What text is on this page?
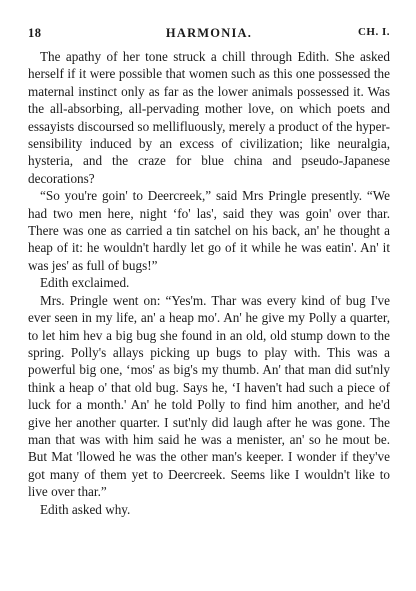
18	HARMONIA.	CH. I.

The apathy of her tone struck a chill through Edith. She asked herself if it were possible that women such as this one possessed the maternal instinct only as far as the lower animals possessed it. Was the all-absorbing, all-pervading mother love, on which poets and essayists discoursed so mellifluously, merely a product of the hyper-sensibility induced by an excess of civilization; like neuralgia, hysteria, and the craze for blue china and pseudo-Japanese decorations?

“So you're goin' to Deercreek,” said Mrs Pringle presently. “We had two men here, night ‘fo' las', said they was goin' over thar. There was one as carried a tin satchel on his back, an' he thought a heap of it: he wouldn't hardly let go of it while he was eatin'. An' it was jes' as full of bugs!”

Edith exclaimed.

Mrs. Pringle went on: “Yes'm. Thar was every kind of bug I've ever seen in my life, an' a heap mo'. An' he give my Polly a quarter, to let him hev a big bug she found in an old, old stump down to the spring. Polly's allays picking up bugs to play with. This was a powerful big one, ‘mos' as big's my thumb. An' that man did sut'nly think a heap o' that old bug. Says he, ‘I haven't had such a piece of luck for a month.' An' he told Polly to find him another, and he'd give her another quarter. I sut'nly did laugh after he was gone. The man that was with him said he was a menister, an' so he mout be. But Mat 'llowed he was the other man's keeper. I wonder if they've got many of them yet to Deercreek. Seems like I wouldn't like to live over thar.”

Edith asked why.
